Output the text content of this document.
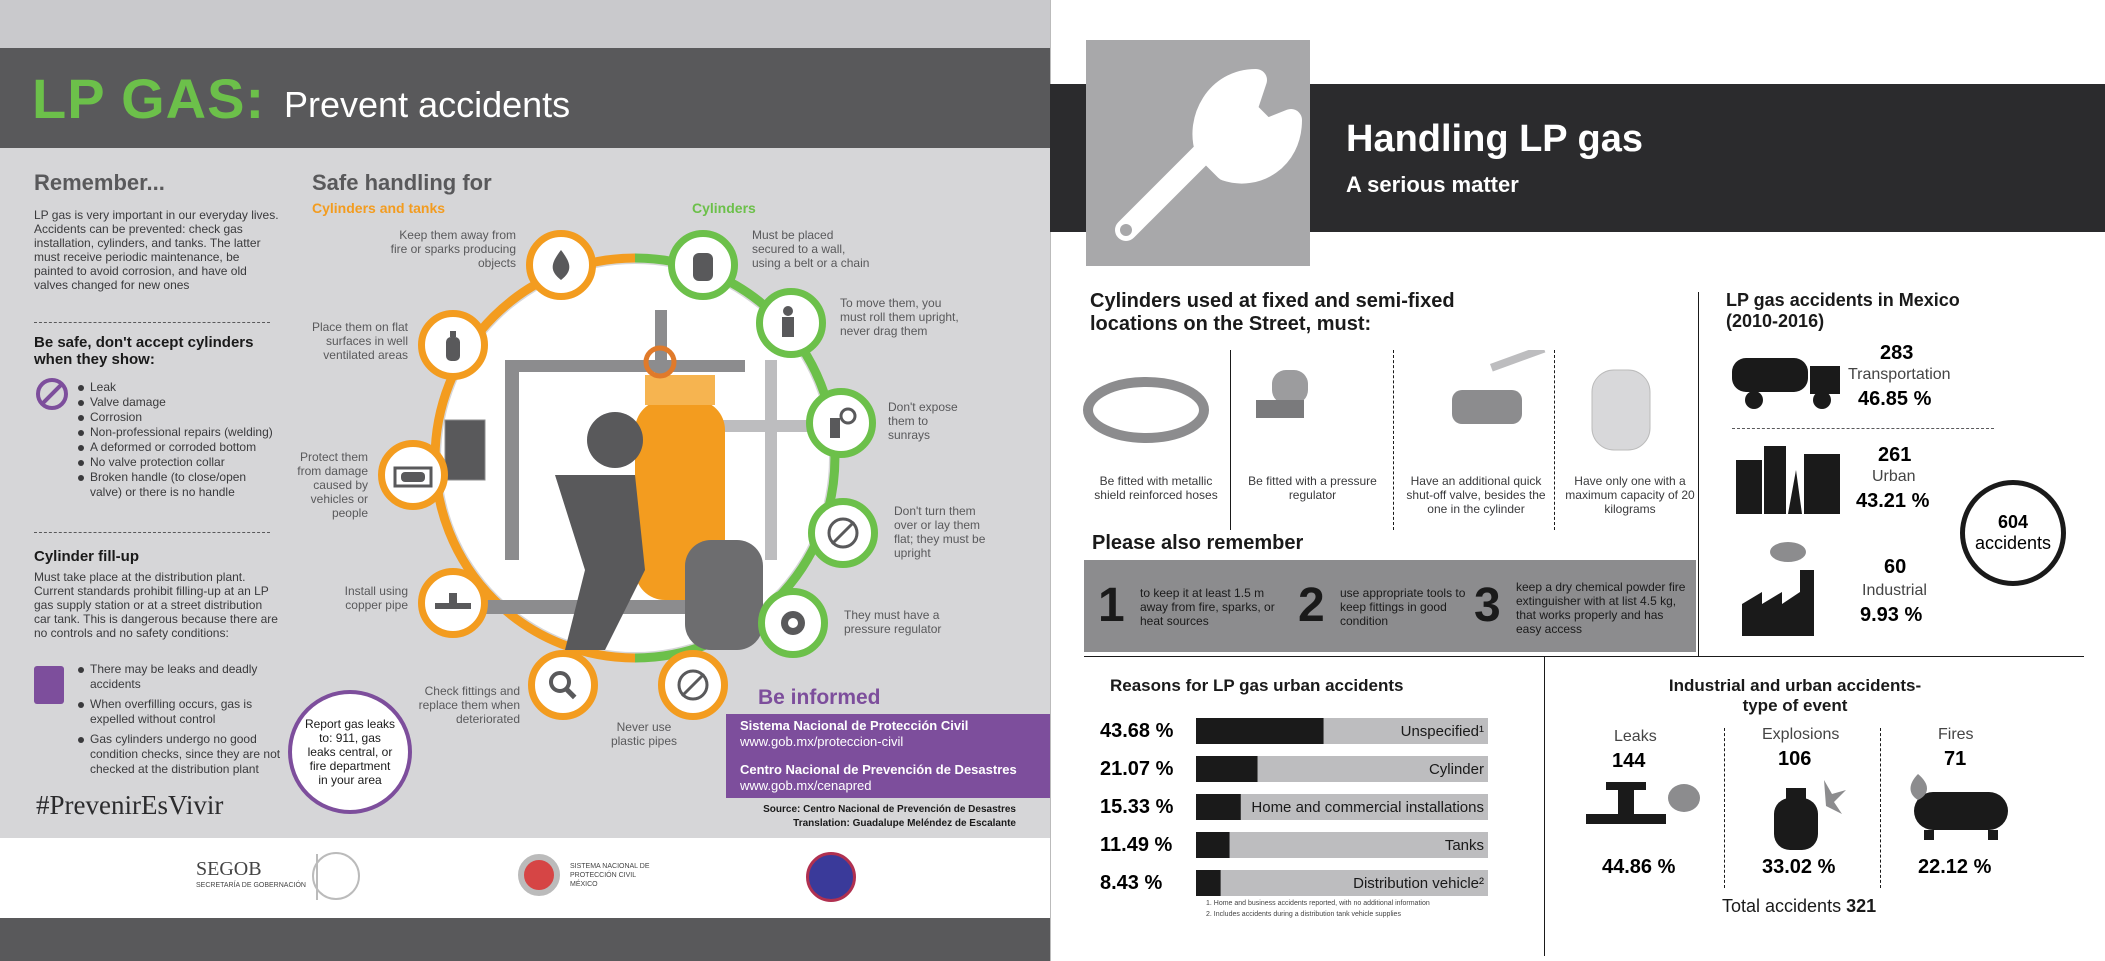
LP GAS: Prevent accidents
Remember...
LP gas is very important in our everyday lives. Accidents can be prevented: check gas installation, cylinders, and tanks. The latter must receive periodic maintenance, be painted to avoid corrosion, and have old valves changed for new ones
Be safe, don't accept cylinders when they show:
Leak
Valve damage
Corrosion
Non-professional repairs (welding)
A deformed or corroded bottom
No valve protection collar
Broken handle (to close/open valve) or there is no handle
Cylinder fill-up
Must take place at the distribution plant. Current standards prohibit filling-up at an LP gas supply station or at a street distribution car tank. This is dangerous because there are no controls and no safety conditions:
There may be leaks and deadly accidents
When overfilling occurs, gas is expelled without control
Gas cylinders undergo no good condition checks, since they are not checked at the distribution plant
#PrevenirEsVivir
Safe handling for
Cylinders and tanks	Cylinders
Keep them away from fire or sparks producing objects
Place them on flat surfaces in well ventilated areas
Protect them from damage caused by vehicles or people
Install using copper pipe
Check fittings and replace them when deteriorated
Never use plastic pipes
Must be placed secured to a wall, using a belt or a chain
To move them, you must roll them upright, never drag them
Don't expose them to sunrays
Don't turn them over or lay them flat; they must be upright
They must have a pressure regulator
Report gas leaks to: 911, gas leaks central, or fire department in your area
Be informed
Sistema Nacional de Protección Civil
www.gob.mx/proteccion-civil
Centro Nacional de Prevención de Desastres
www.gob.mx/cenapred
Source: Centro Nacional de Prevención de Desastres
Translation: Guadalupe Meléndez de Escalante
SEGOB
SECRETARÍA DE GOBERNACIÓN
SISTEMA NACIONAL DE PROTECCIÓN CIVIL MÉXICO
Handling LP gas
A serious matter
Cylinders used at fixed and semi-fixed locations on the Street, must:
Be fitted with metallic shield reinforced hoses
Be fitted with a pressure regulator
Have an additional quick shut-off valve, besides the one in the cylinder
Have only one with a maximum capacity of 20 kilograms
Please also remember
1 to keep it at least 1.5 m away from fire, sparks, or heat sources	2 use appropriate tools to keep fittings in good condition	3 keep a dry chemical powder fire extinguisher with at list 4.5 kg, that works properly and has easy access
LP gas accidents in Mexico (2010-2016)
283
Transportation
46.85 %
261
Urban
43.21 %
604
accidents
60
Industrial
9.93 %
Reasons for LP gas urban accidents
43.68 %	Unspecified¹
21.07 %	Cylinder
15.33 %	Home and commercial installations
11.49 %	Tanks
8.43 %	Distribution vehicle²
1. Home and business accidents reported, with no additional information
2. Includes accidents during a distribution tank vehicle supplies
Industrial and urban accidents-type of event
Leaks
144
44.86 %
Explosions
106
33.02 %
Fires
71
22.12 %
Total accidents 321
